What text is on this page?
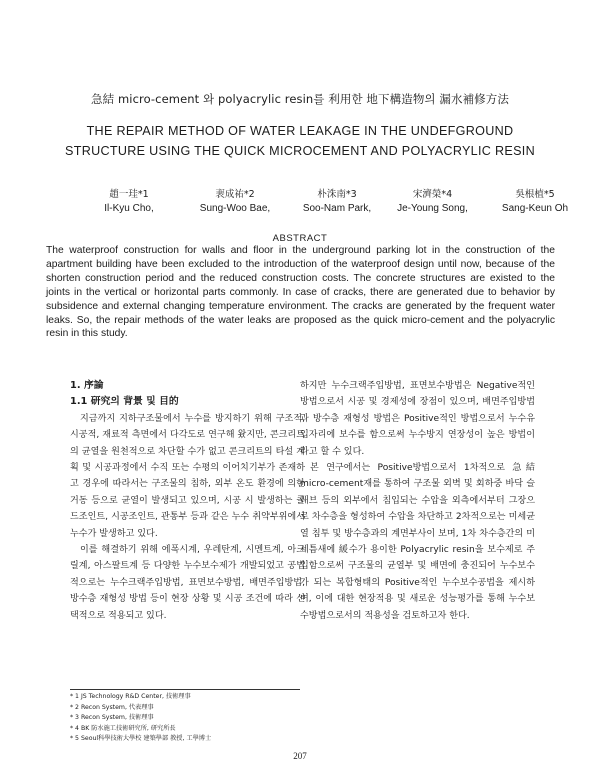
急結 micro-cement 와 polyacrylic resin를 利用한 地下構造物의 漏水補修方法
THE REPAIR METHOD OF WATER LEAKAGE IN THE UNDEFGROUND
STRUCTURE USING THE QUICK MICROCEMENT AND POLYACRYLIC RESIN
趙一珪*1
Il-Kyu Cho,
裵成祐*2
Sung-Woo Bae,
朴洙南*3
Soo-Nam Park,
宋濟榮*4
Je-Young Song,
吳根植*5
Sang-Keun Oh
ABSTRACT
The waterproof construction for walls and floor in the underground parking lot in the construction of the apartment building have been excluded to the introduction of the waterproof design until now, because of the shorten construction period and the reduced construction costs. The concrete structures are existed to the joints in the vertical or horizontal parts commonly. In case of cracks, there are generated due to behavior by subsidence and external changing temperature environment. The cracks are generated by the frequent water leaks. So, the repair methods of the water leaks are proposed as the quick micro-cement and the polyacrylic resin in this study.
1. 序論
1.1 研究의 背景 및 目的

지금까지 지하구조물에서 누수를 방지하기 위해 구조적, 시공적, 재료적 측면에서 다각도로 연구해 왔지만, 콘크리트의 균열을 원천적으로 차단할 수가 없고 콘크리트의 타설 계획 및 시공과정에서 수직 또는 수평의 이어치기부가 존재하고 경우에 따라서는 구조물의 침하, 외부 온도 환경에 의한 거동 등으로 균열이 발생되고 있으며, 시공 시 발생하는 콜드조인트, 시공조인트, 관통부 등과 같은 누수 취약부위에서 누수가 발생하고 있다.

이를 해결하기 위해 에폭시계, 우레탄계, 시멘트계, 아크릴계, 아스팔트계 등 다양한 누수보수제가 개발되었고 공법적으로는 누수크랙주입방법, 표면보수방법, 배면주입방법, 방수층 재형성 방법 등이 현장 상황 및 시공 조건에 따라 선택적으로 적용되고 있다.

하지만 누수크랙주입방법, 표면보수방법은 Negative적인 방법으로서 시공 및 경제성에 장점이 있으며, 배면주입방법과 방수층 재형성 방법은 Positive적인 방법으로서 누수유입자리에 보수를 함으로써 누수방지 연장성이 높은 방법이라고 할 수 있다.

본 연구에서는 Positive방법으로서 1차적으로 急結 micro-cement재를 통하여 구조물 외벽 및 회하중 바닥 슬래브 등의 외부에서 침입되는 수압을 외측에서부터 그장으로 차수층을 형성하여 수압을 차단하고 2차적으로는 미세균열 침투 및 방수층과의 계면부사이 보며, 1차 차수층간의 미세틈새에 緩수가 용이한 Polyacrylic resin을 보수제로 주입함으로써 구조물의 균열부 및 배면에 충진되어 누수보수가 되는 복합형태의 Positive적인 누수보수공법을 제시하며, 이에 대한 현장적용 및 새로운 성능평가를 통해 누수보수방법으로서의 적용성을 검토하고자 한다.

* 1 JS Technology R&D Center, 技術理事
* 2 Recon System, 代表理事
* 3 Recon System, 技術理事
* 4 BK 防水施工技術研究所, 研究所長
* 5 Seoul科學技術大學校 建築學部 教授, 工學博士
207
